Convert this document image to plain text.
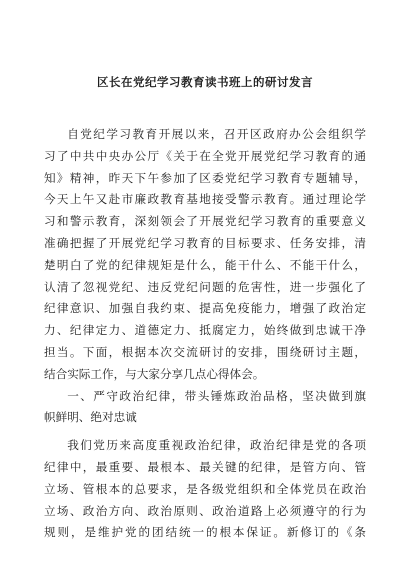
区长在党纪学习教育读书班上的研讨发言
自党纪学习教育开展以来，召开区政府办公会组织学
习了中共中央办公厅《关于在全党开展党纪学习教育的通
知》精神，昨天下午参加了区委党纪学习教育专题辅导，
今天上午又赴市廉政教育基地接受警示教育。通过理论学
习和警示教育，深刻领会了开展党纪学习教育的重要意义
准确把握了开展党纪学习教育的目标要求、任务安排，清
楚明白了党的纪律规矩是什么，能干什么、不能干什么，
认清了忽视党纪、违反党纪问题的危害性，进一步强化了
纪律意识、加强自我约束、提高免疫能力，增强了政治定
力、纪律定力、道德定力、抵腐定力，始终做到忠诚干净
担当。下面，根据本次交流研讨的安排，围绕研讨主题，
结合实际工作，与大家分享几点心得体会。
一、严守政治纪律，带头锤炼政治品格，坚决做到旗
帜鲜明、绝对忠诚
我们党历来高度重视政治纪律，政治纪律是党的各项
纪律中，最重要、最根本、最关键的纪律，是管方向、管
立场、管根本的总要求，是各级党组织和全体党员在政治
立场、政治方向、政治原则、政治道路上必须遵守的行为
规则，是维护党的团结统一的根本保证。新修订的《条
